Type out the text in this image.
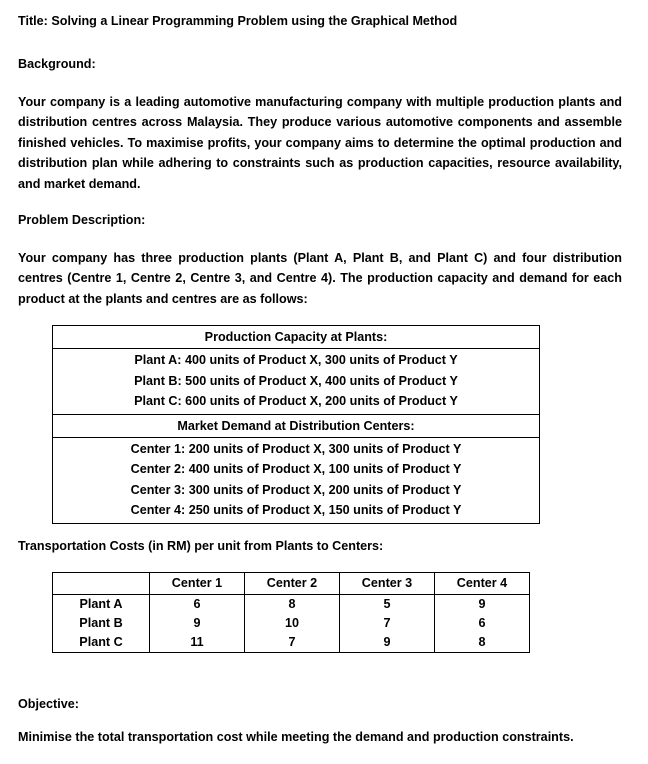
Title: Solving a Linear Programming Problem using the Graphical Method
Background:
Your company is a leading automotive manufacturing company with multiple production plants and
distribution centres across Malaysia. They produce various automotive components and assemble
finished vehicles. To maximise profits, your company aims to determine the optimal production and
distribution plan while adhering to constraints such as production capacities, resource availability,
and market demand.
Problem Description:
Your company has three production plants (Plant A, Plant B, and Plant C) and four distribution
centres (Centre 1, Centre 2, Centre 3, and Centre 4). The production capacity and demand for each
product at the plants and centres are as follows:
Production Capacity at Plants:
Plant A: 400 units of Product X, 300 units of Product Y
Plant B: 500 units of Product X, 400 units of Product Y
Plant C: 600 units of Product X, 200 units of Product Y
Market Demand at Distribution Centers:
Center 1: 200 units of Product X, 300 units of Product Y
Center 2: 400 units of Product X, 100 units of Product Y
Center 3: 300 units of Product X, 200 units of Product Y
Center 4: 250 units of Product X, 150 units of Product Y
Transportation Costs (in RM) per unit from Plants to Centers:
	Center 1	Center 2	Center 3	Center 4
Plant A	6	8	5	9
Plant B	9	10	7	6
Plant C	11	7	9	8
Objective:
Minimise the total transportation cost while meeting the demand and production constraints.
